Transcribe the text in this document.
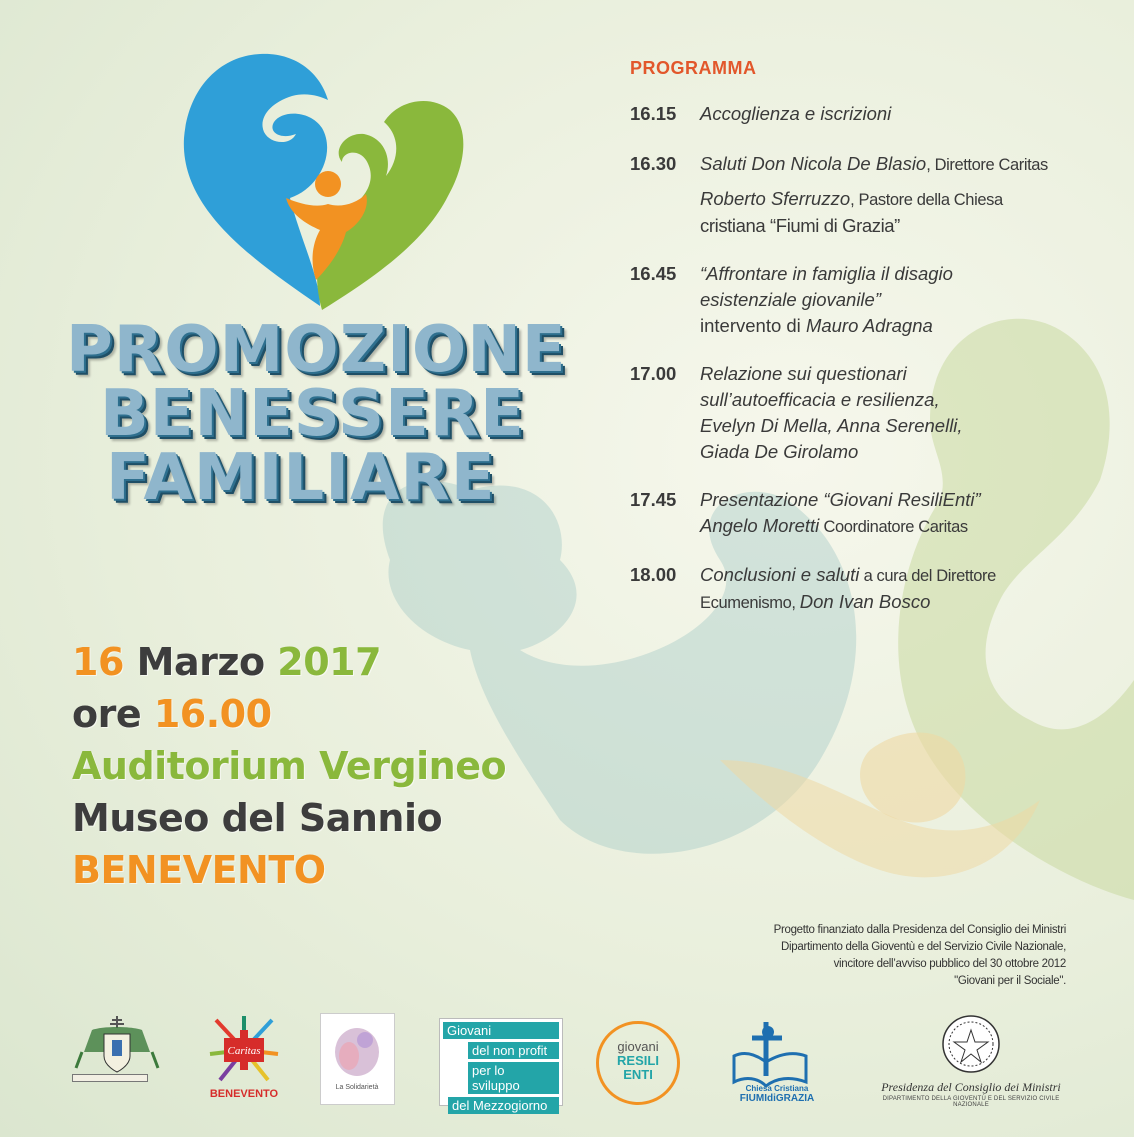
PROMOZIONE
BENESSERE
FAMILIARE
16 Marzo 2017
ore 16.00
Auditorium Vergineo
Museo del Sannio
BENEVENTO
PROGRAMMA
16.15	Accoglienza e iscrizioni
16.30	Saluti Don Nicola De Blasio, Direttore Caritas
Roberto Sferruzzo, Pastore della Chiesa
cristiana “Fiumi di Grazia”
16.45	“Affrontare in famiglia il disagio
esistenziale giovanile”
intervento di Mauro Adragna
17.00	Relazione sui questionari
sull’autoefficacia e resilienza,
Evelyn Di Mella, Anna Serenelli,
Giada De Girolamo
17.45	Presentazione “Giovani ResiliEnti”
Angelo Moretti Coordinatore Caritas
18.00	Conclusioni e saluti a cura del Direttore
Ecumenismo, Don Ivan Bosco
Progetto finanziato dalla Presidenza del Consiglio dei Ministri
Dipartimento della Gioventù e del Servizio Civile Nazionale,
vincitore dell’avviso pubblico del 30 ottobre 2012
"Giovani per il Sociale".

Caritas
BENEVENTO
La Solidarietà
Giovani
del non profit
per lo sviluppo
del Mezzogiorno
giovani
RESILI
ENTI
Chiesa Cristiana
FIUMIdiGRAZIA
Presidenza del Consiglio dei Ministri
DIPARTIMENTO DELLA GIOVENTÙ E DEL SERVIZIO CIVILE NAZIONALE
